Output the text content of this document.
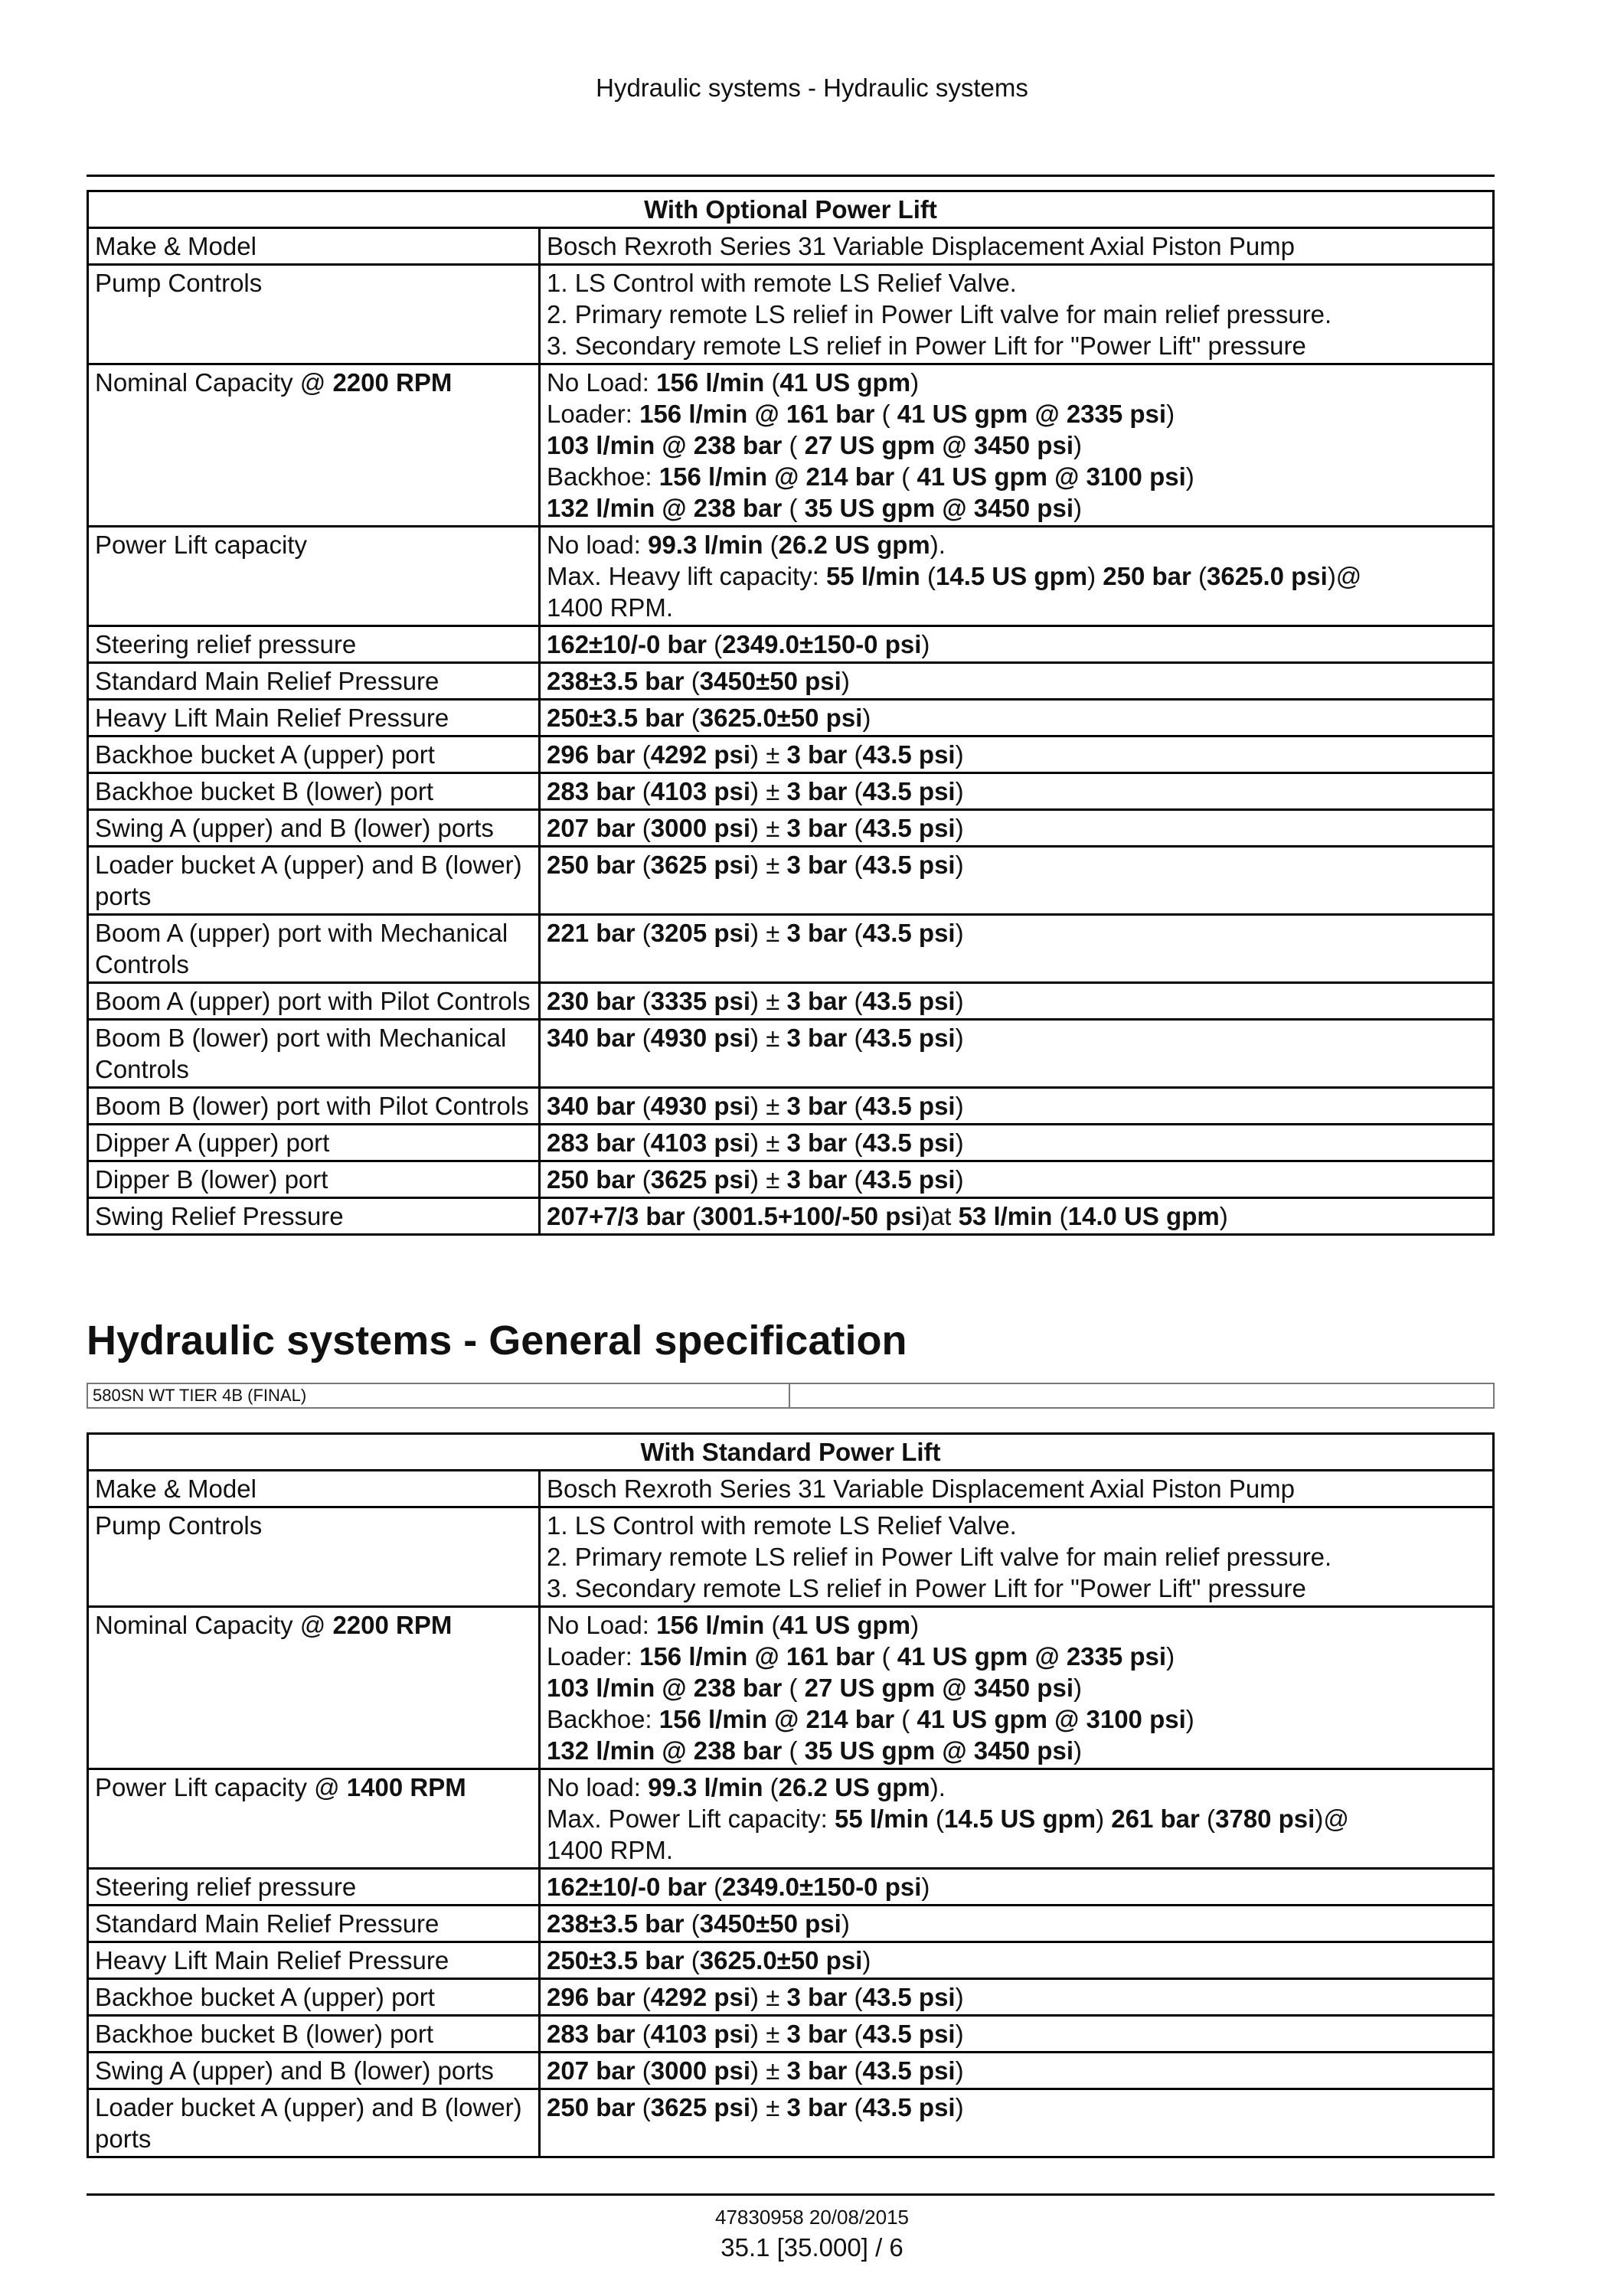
Hydraulic systems - Hydraulic systems
With Optional Power Lift	
Make & Model	Bosch Rexroth Series 31 Variable Displacement Axial Piston Pump

Pump Controls	1. LS Control with remote LS Relief Valve.
2. Primary remote LS relief in Power Lift valve for main relief pressure.
3. Secondary remote LS relief in Power Lift for "Power Lift" pressure

Nominal Capacity @ 2200 RPM	No Load: 156 l/min (41 US gpm)
Loader: 156 l/min @ 161 bar ( 41 US gpm @ 2335 psi)
103 l/min @ 238 bar ( 27 US gpm @ 3450 psi)
Backhoe: 156 l/min @ 214 bar ( 41 US gpm @ 3100 psi)
132 l/min @ 238 bar ( 35 US gpm @ 3450 psi)

Power Lift capacity	No load: 99.3 l/min (26.2 US gpm).
Max. Heavy lift capacity: 55 l/min (14.5 US gpm) 250 bar (3625.0 psi)@
1400 RPM.

Steering relief pressure	162±10/-0 bar (2349.0±150-0 psi)

Standard Main Relief Pressure	238±3.5 bar (3450±50 psi)

Heavy Lift Main Relief Pressure	250±3.5 bar (3625.0±50 psi)

Backhoe bucket A (upper) port	296 bar (4292 psi) ± 3 bar (43.5 psi)

Backhoe bucket B (lower) port	283 bar (4103 psi) ± 3 bar (43.5 psi)

Swing A (upper) and B (lower) ports	207 bar (3000 psi) ± 3 bar (43.5 psi)

Loader bucket A (upper) and B (lower) ports	250 bar (3625 psi) ± 3 bar (43.5 psi)

Boom A (upper) port with Mechanical Controls	221 bar (3205 psi) ± 3 bar (43.5 psi)

Boom A (upper) port with Pilot Controls	230 bar (3335 psi) ± 3 bar (43.5 psi)

Boom B (lower) port with Mechanical Controls	340 bar (4930 psi) ± 3 bar (43.5 psi)

Boom B (lower) port with Pilot Controls	340 bar (4930 psi) ± 3 bar (43.5 psi)

Dipper A (upper) port	283 bar (4103 psi) ± 3 bar (43.5 psi)

Dipper B (lower) port	250 bar (3625 psi) ± 3 bar (43.5 psi)

Swing Relief Pressure	207+7/3 bar (3001.5+100/-50 psi)at 53 l/min (14.0 US gpm)
Hydraulic systems - General specification
580SN WT TIER 4B (FINAL)
With Standard Power Lift	
Make & Model	Bosch Rexroth Series 31 Variable Displacement Axial Piston Pump

Pump Controls	1. LS Control with remote LS Relief Valve.
2. Primary remote LS relief in Power Lift valve for main relief pressure.
3. Secondary remote LS relief in Power Lift for "Power Lift" pressure

Nominal Capacity @ 2200 RPM	No Load: 156 l/min (41 US gpm)
Loader: 156 l/min @ 161 bar ( 41 US gpm @ 2335 psi)
103 l/min @ 238 bar ( 27 US gpm @ 3450 psi)
Backhoe: 156 l/min @ 214 bar ( 41 US gpm @ 3100 psi)
132 l/min @ 238 bar ( 35 US gpm @ 3450 psi)

Power Lift capacity @ 1400 RPM	No load: 99.3 l/min (26.2 US gpm).
Max. Power Lift capacity: 55 l/min (14.5 US gpm) 261 bar (3780 psi)@
1400 RPM.

Steering relief pressure	162±10/-0 bar (2349.0±150-0 psi)

Standard Main Relief Pressure	238±3.5 bar (3450±50 psi)

Heavy Lift Main Relief Pressure	250±3.5 bar (3625.0±50 psi)

Backhoe bucket A (upper) port	296 bar (4292 psi) ± 3 bar (43.5 psi)

Backhoe bucket B (lower) port	283 bar (4103 psi) ± 3 bar (43.5 psi)

Swing A (upper) and B (lower) ports	207 bar (3000 psi) ± 3 bar (43.5 psi)

Loader bucket A (upper) and B (lower) ports	250 bar (3625 psi) ± 3 bar (43.5 psi)
47830958 20/08/2015
35.1 [35.000] / 6
